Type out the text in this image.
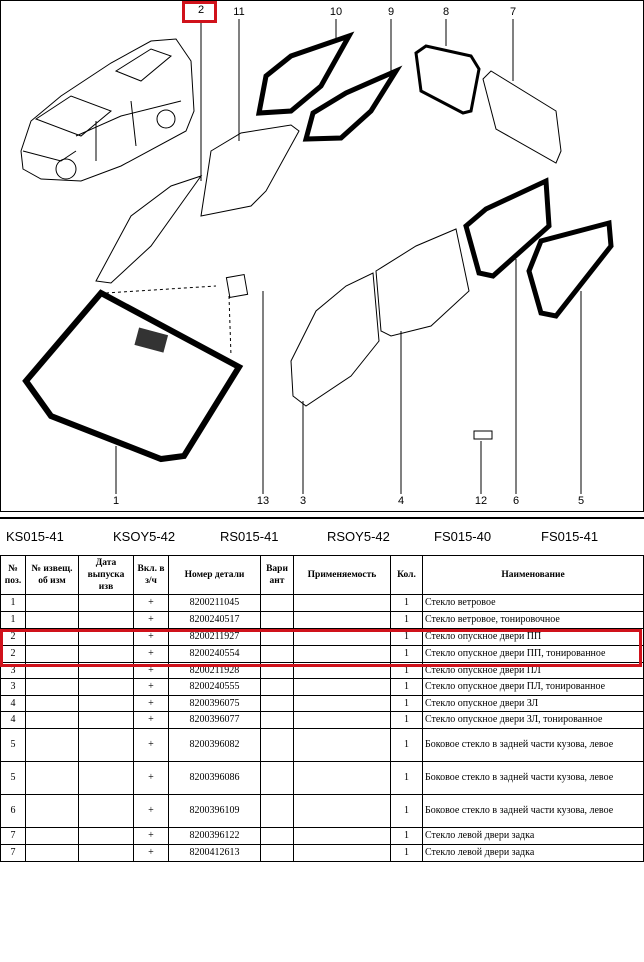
2	11	10	9	8	7
1	13	3	4	12	6	5
KS015-41	KSOY5-42	RS015-41	RSOY5-42	FS015-40	FS015-41
№ поз.	№ извещ. об изм	Дата выпуска изв	Вкл. в з/ч	Номер детали	Вари ант	Применяемость	Кол.	Наименование
1			+	8200211045			1	Стекло ветровое
1			+	8200240517			1	Стекло ветровое, тонировочное
2			+	8200211927			1	Стекло опускное двери ПП
2			+	8200240554			1	Стекло опускное двери ПП, тонированное
3			+	8200211928			1	Стекло опускное двери ПЛ
3			+	8200240555			1	Стекло опускное двери ПЛ, тонированное
4			+	8200396075			1	Стекло опускное двери ЗЛ
4			+	8200396077			1	Стекло опускное двери ЗЛ, тонированное
5			+	8200396082			1	Боковое стекло в задней части кузова, левое
5			+	8200396086			1	Боковое стекло в задней части кузова, левое
6			+	8200396109			1	Боковое стекло в задней части кузова, левое
7			+	8200396122			1	Стекло левой двери задка
7			+	8200412613			1	Стекло левой двери задка
